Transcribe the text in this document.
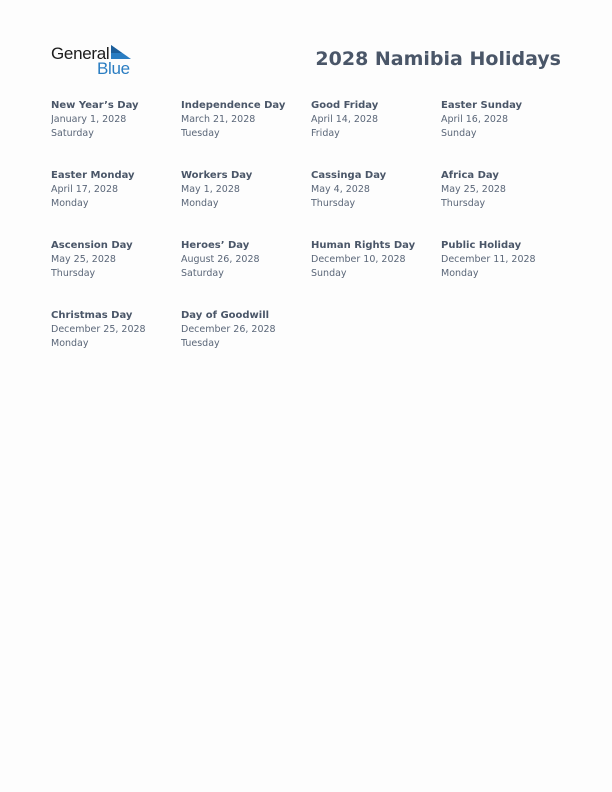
General
Blue	2028 Namibia Holidays
New Year’s Day
January 1, 2028
Saturday
Independence Day
March 21, 2028
Tuesday
Good Friday
April 14, 2028
Friday
Easter Sunday
April 16, 2028
Sunday
Easter Monday
April 17, 2028
Monday
Workers Day
May 1, 2028
Monday
Cassinga Day
May 4, 2028
Thursday
Africa Day
May 25, 2028
Thursday
Ascension Day
May 25, 2028
Thursday
Heroes’ Day
August 26, 2028
Saturday
Human Rights Day
December 10, 2028
Sunday
Public Holiday
December 11, 2028
Monday
Christmas Day
December 25, 2028
Monday
Day of Goodwill
December 26, 2028
Tuesday
